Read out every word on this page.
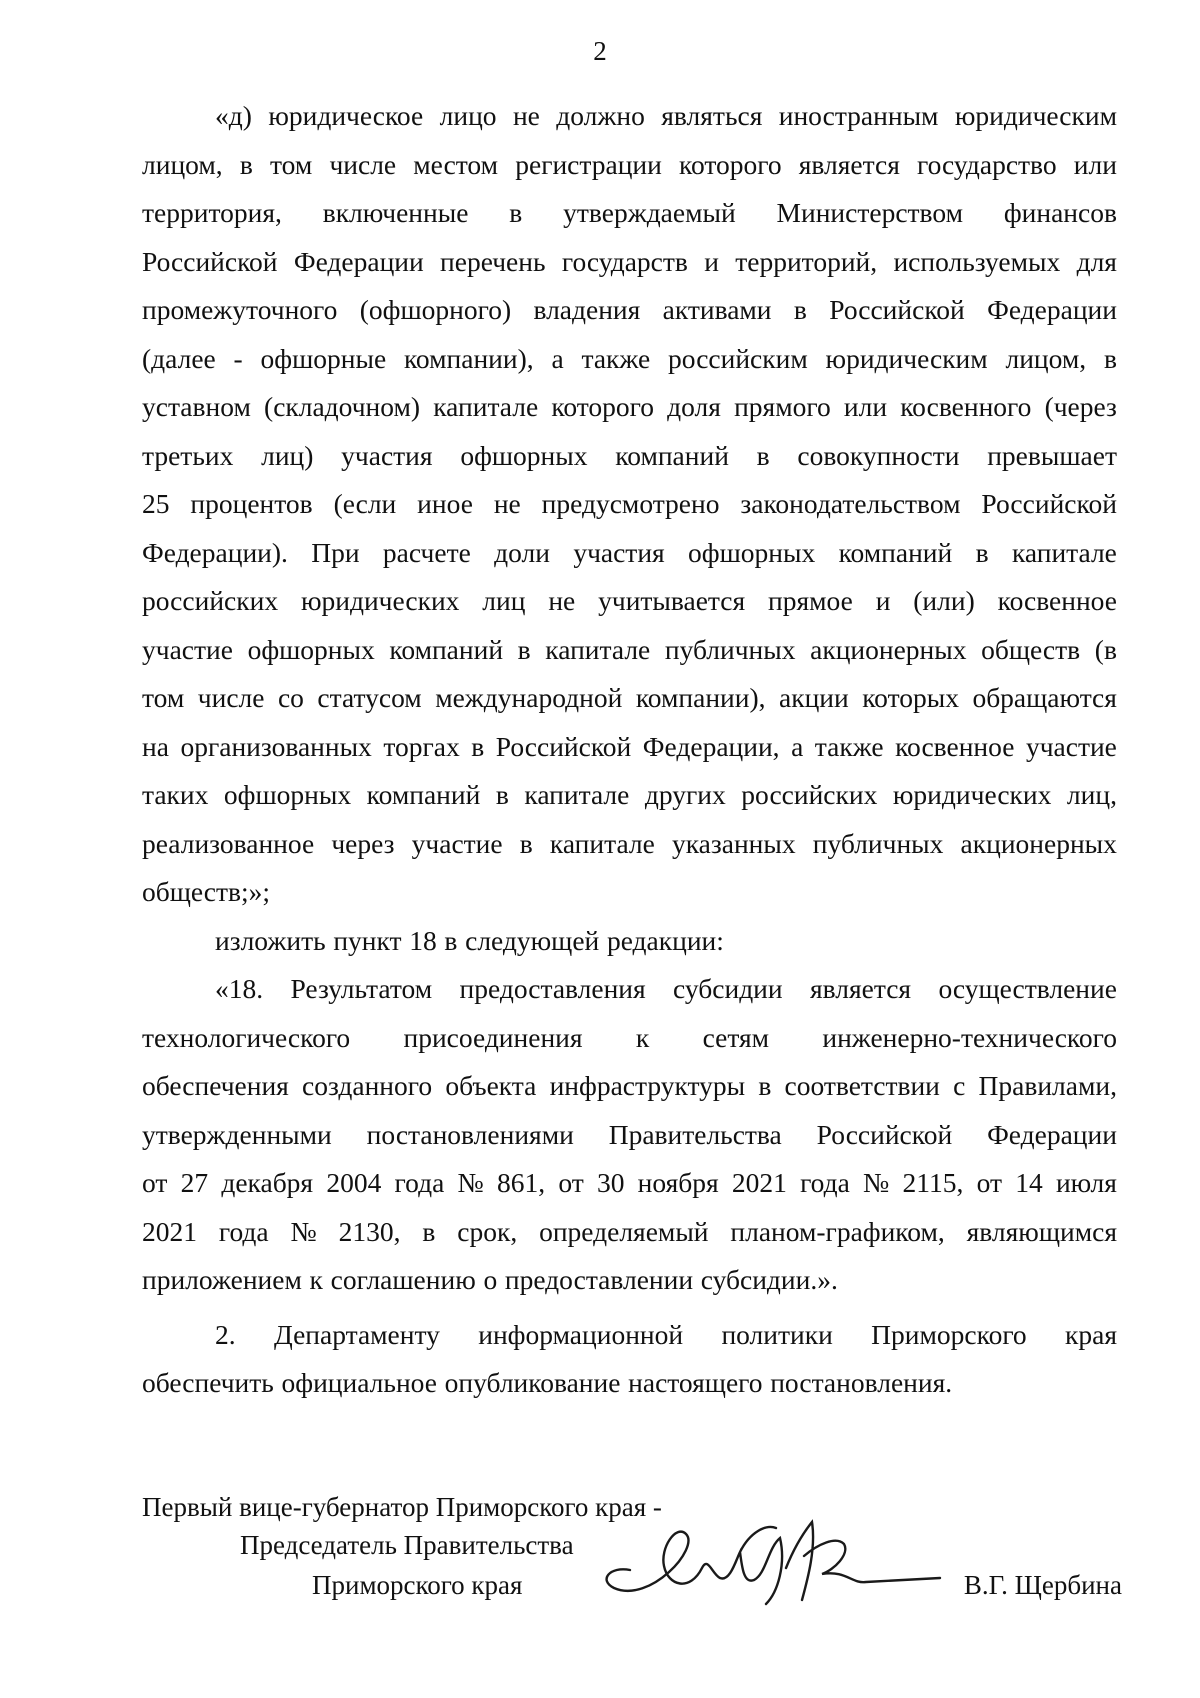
2
«д) юридическое лицо не должно являться иностранным юридическим
лицом, в том числе местом регистрации которого является государство или
территория, включенные в утверждаемый Министерством финансов
Российской Федерации перечень государств и территорий, используемых для
промежуточного (офшорного) владения активами в Российской Федерации
(далее - офшорные компании), а также российским юридическим лицом, в
уставном (складочном) капитале которого доля прямого или косвенного (через
третьих лиц) участия офшорных компаний в совокупности превышает
25 процентов (если иное не предусмотрено законодательством Российской
Федерации). При расчете доли участия офшорных компаний в капитале
российских юридических лиц не учитывается прямое и (или) косвенное
участие офшорных компаний в капитале публичных акционерных обществ (в
том числе со статусом международной компании), акции которых обращаются
на организованных торгах в Российской Федерации, а также косвенное участие
таких офшорных компаний в капитале других российских юридических лиц,
реализованное через участие в капитале указанных публичных акционерных
обществ;»;
изложить пункт 18 в следующей редакции:
«18. Результатом предоставления субсидии является осуществление
технологического присоединения к сетям инженерно-технического
обеспечения созданного объекта инфраструктуры в соответствии с Правилами,
утвержденными постановлениями Правительства Российской Федерации
от 27 декабря 2004 года № 861, от 30 ноября 2021 года № 2115, от 14 июля
2021 года № 2130, в срок, определяемый планом-графиком, являющимся
приложением к соглашению о предоставлении субсидии.».
2. Департаменту информационной политики Приморского края
обеспечить официальное опубликование настоящего постановления.
Первый вице-губернатор Приморского края -
Председатель Правительства
Приморского края	В.Г. Щербина
